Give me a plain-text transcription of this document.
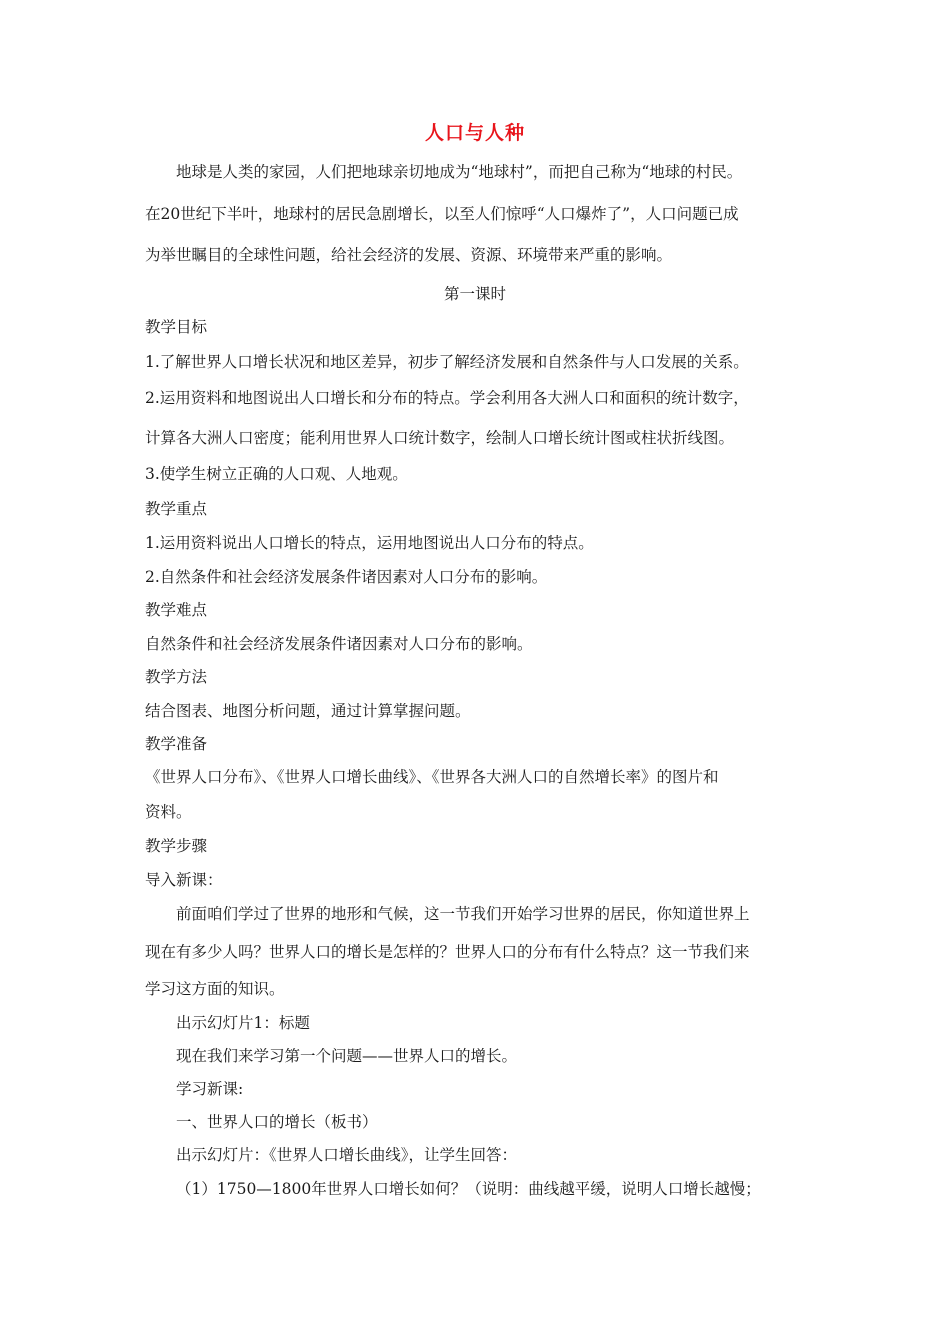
人口与人种
地球是人类的家园，人们把地球亲切地成为“地球村”，而把自己称为“地球的村民。
在20世纪下半叶，地球村的居民急剧增长，以至人们惊呼“人口爆炸了”，人口问题已成
为举世瞩目的全球性问题，给社会经济的发展、资源、环境带来严重的影响。
第一课时
教学目标
1.了解世界人口增长状况和地区差异，初步了解经济发展和自然条件与人口发展的关系。
2.运用资料和地图说出人口增长和分布的特点。学会利用各大洲人口和面积的统计数字，
计算各大洲人口密度；能利用世界人口统计数字，绘制人口增长统计图或柱状折线图。
3.使学生树立正确的人口观、人地观。
教学重点
1.运用资料说出人口增长的特点，运用地图说出人口分布的特点。
2.自然条件和社会经济发展条件诸因素对人口分布的影响。
教学难点
自然条件和社会经济发展条件诸因素对人口分布的影响。
教学方法
结合图表、地图分析问题，通过计算掌握问题。
教学准备
《世界人口分布》、《世界人口增长曲线》、《世界各大洲人口的自然增长率》的图片和
资料。
教学步骤
导入新课：
前面咱们学过了世界的地形和气候，这一节我们开始学习世界的居民，你知道世界上
现在有多少人吗？世界人口的增长是怎样的？世界人口的分布有什么特点？这一节我们来
学习这方面的知识。
出示幻灯片1：标题
现在我们来学习第一个问题——世界人口的增长。
学习新课:
一、世界人口的增长（板书）
出示幻灯片：《世界人口增长曲线》，让学生回答：
（1）1750—1800年世界人口增长如何？（说明：曲线越平缓，说明人口增长越慢；
